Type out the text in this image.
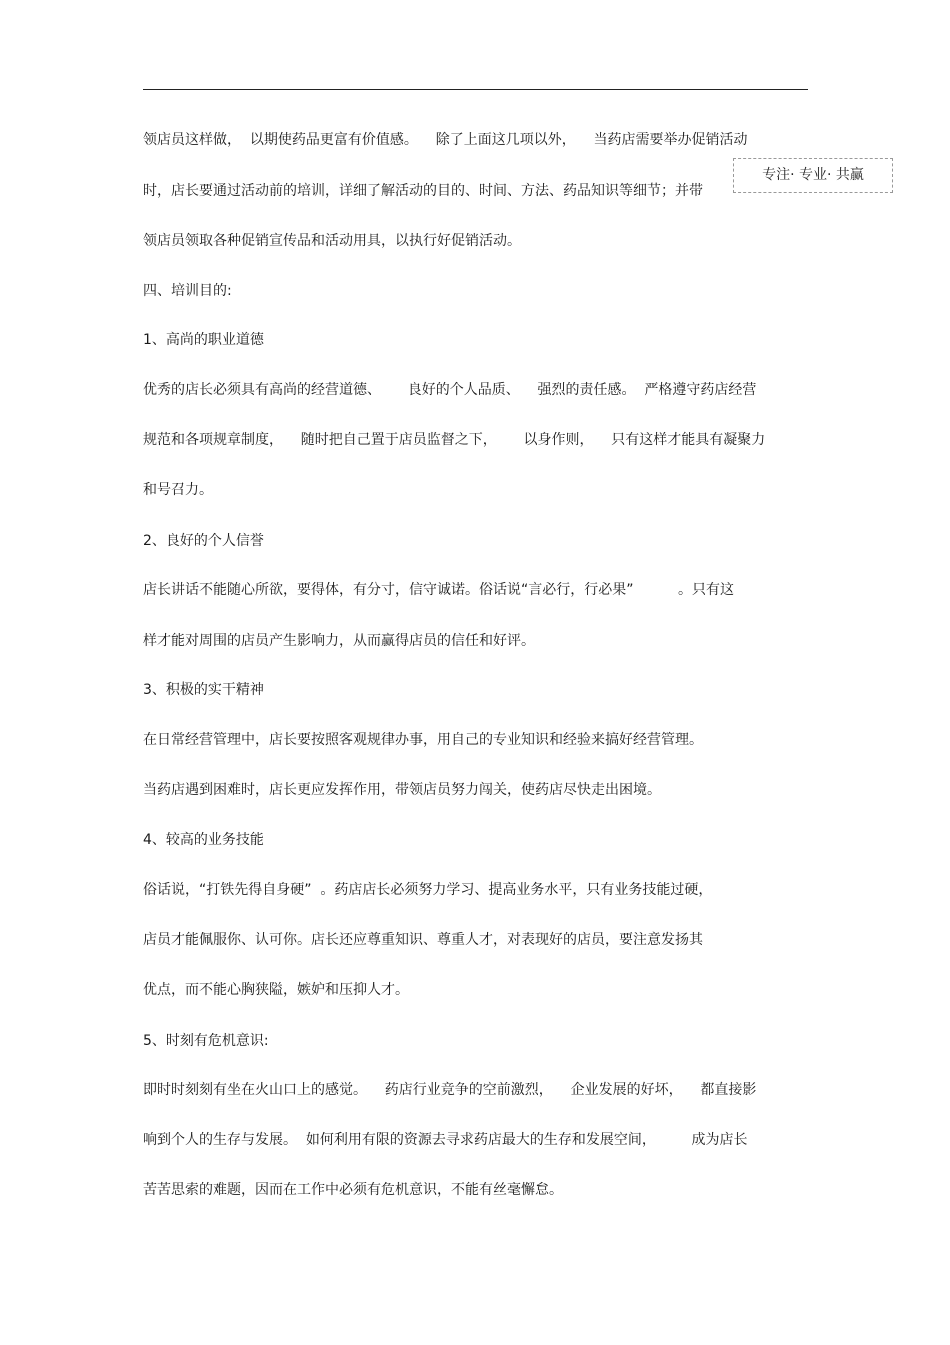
专注· 专业· 共赢
领店员这样做，  以期使药品更富有价值感。    除了上面这几项以外，    当药店需要举办促销活动
时，店长要通过活动前的培训，详细了解活动的目的、时间、方法、药品知识等细节；并带
领店员领取各种促销宣传品和活动用具，以执行好促销活动。
四、培训目的:
1、高尚的职业道德
优秀的店长必须具有高尚的经营道德、      良好的个人品质、    强烈的责任感。  严格遵守药店经营
规范和各项规章制度，    随时把自己置于店员监督之下，      以身作则，    只有这样才能具有凝聚力
和号召力。
2、良好的个人信誉
店长讲话不能随心所欲，要得体，有分寸，信守诚诺。俗话说“言必行，行必果”          。只有这
样才能对周围的店员产生影响力，从而赢得店员的信任和好评。
3、积极的实干精神
在日常经营管理中，店长要按照客观规律办事，用自己的专业知识和经验来搞好经营管理。
当药店遇到困难时，店长更应发挥作用，带领店员努力闯关，使药店尽快走出困境。
4、较高的业务技能
俗话说，“打铁先得自身硬”  。药店店长必须努力学习、提高业务水平，只有业务技能过硬，
店员才能佩服你、认可你。店长还应尊重知识、尊重人才，对表现好的店员，要注意发扬其
优点，而不能心胸狭隘，嫉妒和压抑人才。
5、时刻有危机意识:
即时时刻刻有坐在火山口上的感觉。    药店行业竞争的空前激烈，    企业发展的好坏，    都直接影
响到个人的生存与发展。  如何利用有限的资源去寻求药店最大的生存和发展空间，        成为店长
苦苦思索的难题，因而在工作中必须有危机意识，不能有丝毫懈怠。
